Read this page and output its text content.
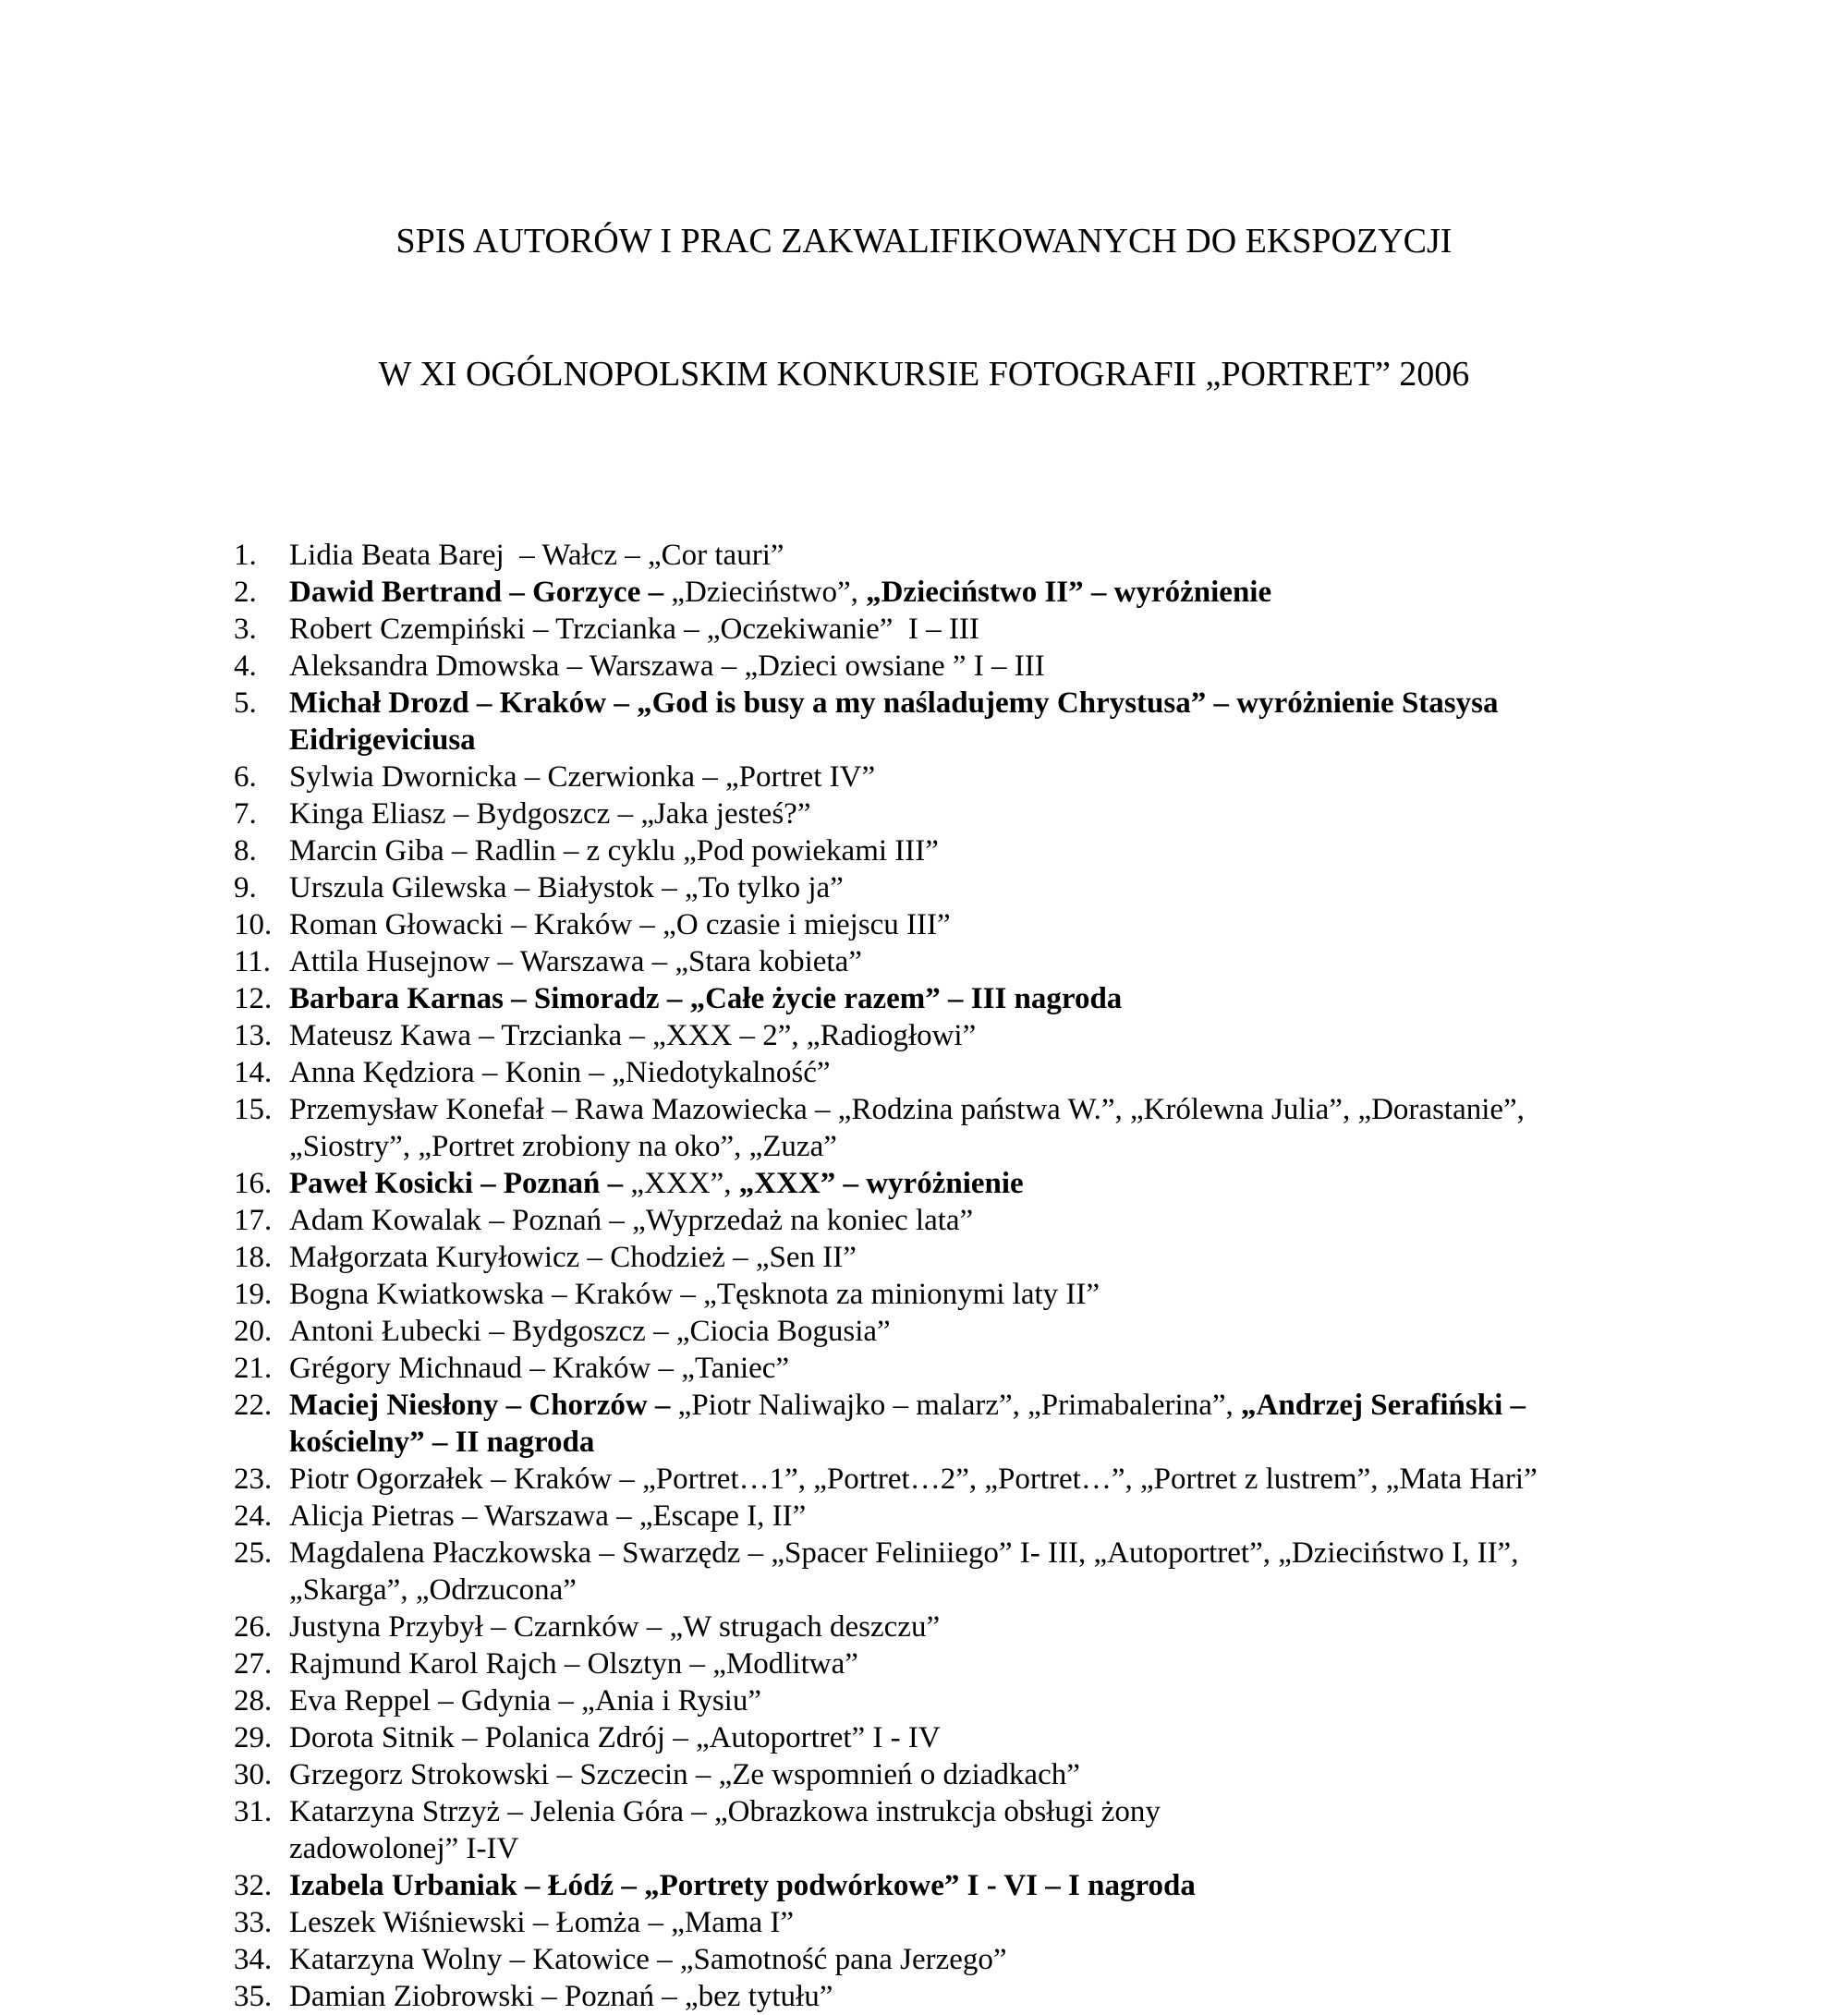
SPIS AUTORÓW I PRAC ZAKWALIFIKOWANYCH DO EKSPOZYCJI

W XI OGÓLNOPOLSKIM KONKURSIE FOTOGRAFII „PORTRET” 2006

1.	Lidia Beata Barej  – Wałcz – „Cor tauri”
2.	Dawid Bertrand – Gorzyce – „Dzieciństwo”, „Dzieciństwo II” – wyróżnienie
3.	Robert Czempiński – Trzcianka – „Oczekiwanie”  I – III
4.	Aleksandra Dmowska – Warszawa – „Dzieci owsiane ” I – III
5.	Michał Drozd – Kraków – „God is busy a my naśladujemy Chrystusa” – wyróżnienie Stasysa
Eidrigeviciusa
6.	Sylwia Dwornicka – Czerwionka – „Portret IV”
7.	Kinga Eliasz – Bydgoszcz – „Jaka jesteś?”
8.	Marcin Giba – Radlin – z cyklu „Pod powiekami III”
9.	Urszula Gilewska – Białystok – „To tylko ja”
10. Roman Głowacki – Kraków – „O czasie i miejscu III”
11. Attila Husejnow – Warszawa – „Stara kobieta”
12. Barbara Karnas – Simoradz – „Całe życie razem” – III nagroda
13. Mateusz Kawa – Trzcianka – „XXX – 2”, „Radiogłowi”
14. Anna Kędziora – Konin – „Niedotykalność”
15. Przemysław Konefał – Rawa Mazowiecka – „Rodzina państwa W.”, „Królewna Julia”, „Dorastanie”,
„Siostry”, „Portret zrobiony na oko”, „Zuza”
16. Paweł Kosicki – Poznań – „XXX”, „XXX” – wyróżnienie
17. Adam Kowalak – Poznań – „Wyprzedaż na koniec lata”
18. Małgorzata Kuryłowicz – Chodzież – „Sen II”
19. Bogna Kwiatkowska – Kraków – „Tęsknota za minionymi laty II”
20. Antoni Łubecki – Bydgoszcz – „Ciocia Bogusia”
21. Grégory Michnaud – Kraków – „Taniec”
22. Maciej Niesłony – Chorzów – „Piotr Naliwajko – malarz”, „Primabalerina”, „Andrzej Serafiński –
kościelny” – II nagroda
23. Piotr Ogorzałek – Kraków – „Portret…1”, „Portret…2”, „Portret…”, „Portret z lustrem”, „Mata Hari”
24. Alicja Pietras – Warszawa – „Escape I, II”
25. Magdalena Płaczkowska – Swarzędz – „Spacer Feliniiego” I- III, „Autoportret”, „Dzieciństwo I, II”,
„Skarga”, „Odrzucona”
26. Justyna Przybył – Czarnków – „W strugach deszczu”
27. Rajmund Karol Rajch – Olsztyn – „Modlitwa”
28. Eva Reppel – Gdynia – „Ania i Rysiu”
29. Dorota Sitnik – Polanica Zdrój – „Autoportret” I - IV
30. Grzegorz Strokowski – Szczecin – „Ze wspomnień o dziadkach”
31. Katarzyna Strzyż – Jelenia Góra – „Obrazkowa instrukcja obsługi żony
zadowolonej” I-IV
32. Izabela Urbaniak – Łódź – „Portrety podwórkowe” I - VI – I nagroda
33. Leszek Wiśniewski – Łomża – „Mama I”
34. Katarzyna Wolny – Katowice – „Samotność pana Jerzego”
35. Damian Ziobrowski – Poznań – „bez tytułu”
